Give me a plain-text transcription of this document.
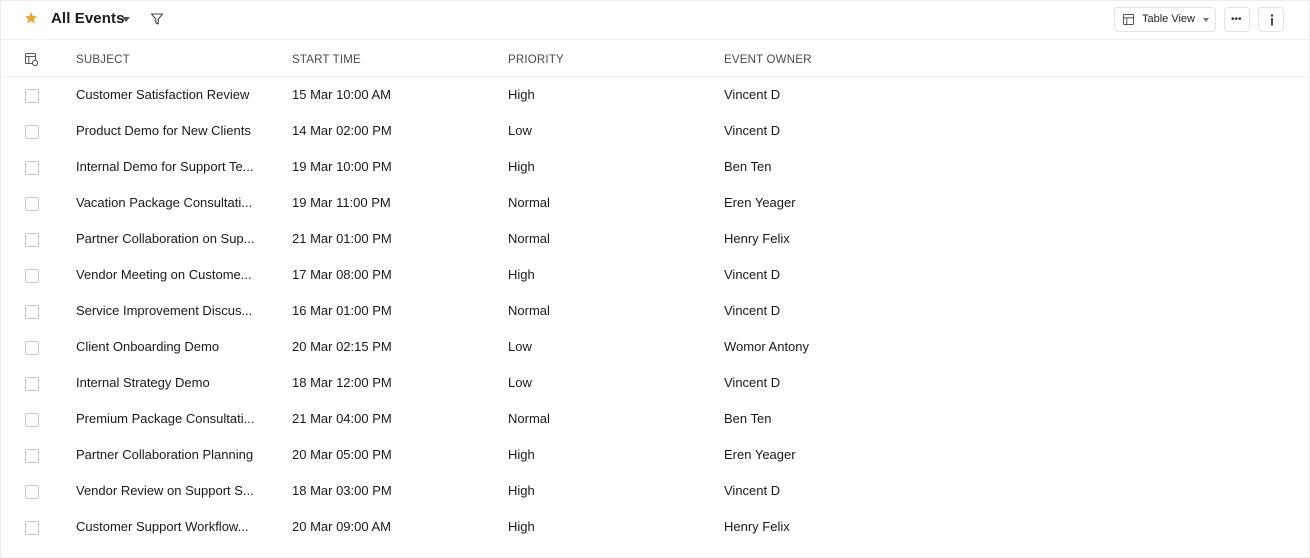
All Events	Table View	•••
SUBJECT	START TIME	PRIORITY	EVENT OWNER
Customer Satisfaction Review	15 Mar 10:00 AM	High	Vincent D
Product Demo for New Clients	14 Mar 02:00 PM	Low	Vincent D
Internal Demo for Support Te...	19 Mar 10:00 PM	High	Ben Ten
Vacation Package Consultati...	19 Mar 11:00 PM	Normal	Eren Yeager
Partner Collaboration on Sup...	21 Mar 01:00 PM	Normal	Henry Felix
Vendor Meeting on Custome...	17 Mar 08:00 PM	High	Vincent D
Service Improvement Discus...	16 Mar 01:00 PM	Normal	Vincent D
Client Onboarding Demo	20 Mar 02:15 PM	Low	Womor Antony
Internal Strategy Demo	18 Mar 12:00 PM	Low	Vincent D
Premium Package Consultati...	21 Mar 04:00 PM	Normal	Ben Ten
Partner Collaboration Planning	20 Mar 05:00 PM	High	Eren Yeager
Vendor Review on Support S...	18 Mar 03:00 PM	High	Vincent D
Customer Support Workflow...	20 Mar 09:00 AM	High	Henry Felix
